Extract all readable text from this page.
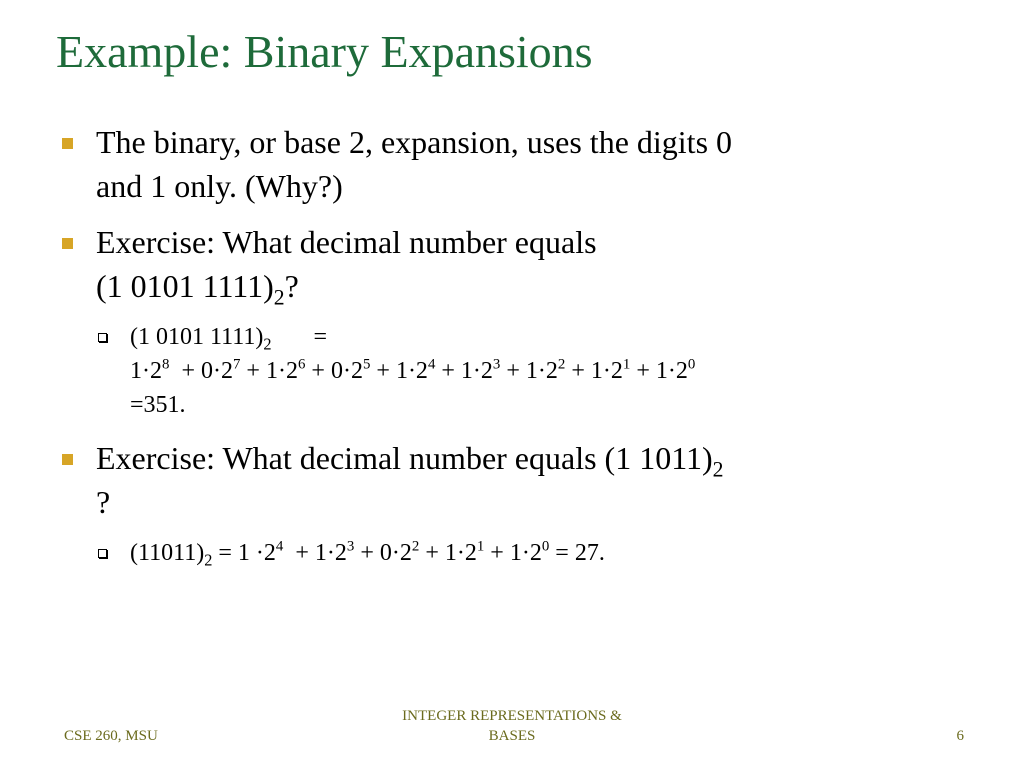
Example: Binary Expansions
The binary, or base 2, expansion, uses the digits 0
and 1 only. (Why?)
Exercise: What decimal number equals
(1 0101 $1111)_2$?
(1 0101 $1111)_2$ =
$1\cdot 2^8 + 0\cdot 2^7 + 1\cdot 2^6 + 0\cdot 2^5 + 1\cdot 2^4 + 1\cdot 2^3 + 1\cdot 2^2 + 1\cdot 2^1 + 1\cdot 2^0$
=351.
Exercise: What decimal number equals (1 $1011)_2$
?
$(11011)_2 = 1 \cdot 2^4 + 1\cdot 2^3 + 0\cdot 2^2 + 1\cdot 2^1 + 1\cdot 2^0 = 27$.
CSE 260, MSU
INTEGER REPRESENTATIONS &
BASES	6
